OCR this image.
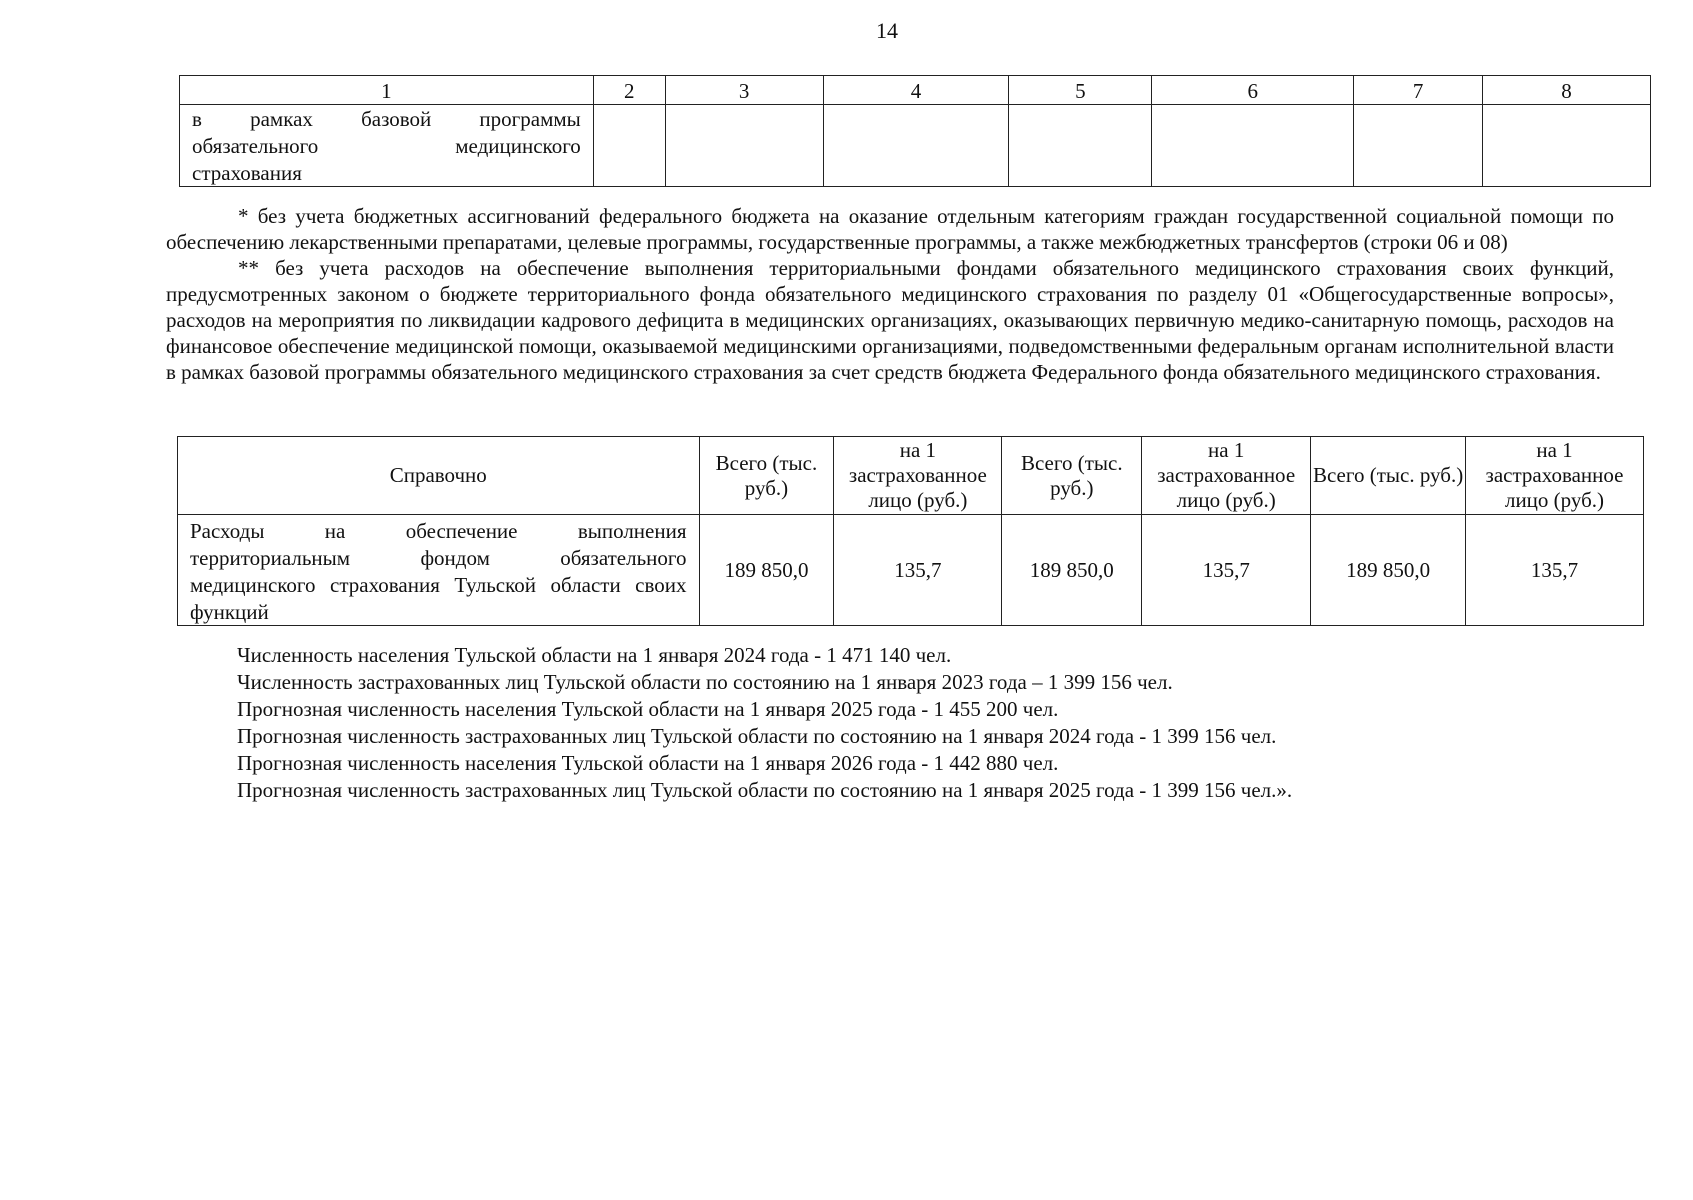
14
1	2	3	4	5	6	7	8

в рамках базовой программы
обязательного медицинского
страхования							

* без учета бюджетных ассигнований федерального бюджета на оказание отдельным категориям граждан государственной социальной помощи по обеспечению лекарственными препаратами, целевые программы, государственные программы, а также межбюджетных трансфертов (строки 06 и 08)

** без учета расходов на обеспечение выполнения территориальными фондами обязательного медицинского страхования своих функций, предусмотренных законом о бюджете территориального фонда обязательного медицинского страхования по разделу 01 «Общегосударственные вопросы», расходов на мероприятия по ликвидации кадрового дефицита в медицинских организациях, оказывающих первичную медико-санитарную помощь, расходов на финансовое обеспечение медицинской помощи, оказываемой медицинскими организациями, подведомственными федеральным органам исполнительной власти в рамках базовой программы обязательного медицинского страхования за счет средств бюджета Федерального фонда обязательного медицинского страхования.

Справочно	Всего (тыс. руб.)	на 1 застрахованное лицо (руб.)	Всего (тыс. руб.)	на 1 застрахованное лицо (руб.)	Всего (тыс. руб.)	на 1 застрахованное лицо (руб.)

Расходы на обеспечение выполнения
территориальным фондом обязательного
медицинского страхования Тульской области своих
функций	189 850,0	135,7	189 850,0	135,7	189 850,0	135,7
Численность населения Тульской области на 1 января 2024 года - 1 471 140 чел.
Численность застрахованных лиц Тульской области по состоянию на 1 января 2023 года – 1 399 156 чел.
Прогнозная численность населения Тульской области на 1 января 2025 года - 1 455 200 чел.
Прогнозная численность застрахованных лиц Тульской области по состоянию на 1 января 2024 года - 1 399 156 чел.
Прогнозная численность населения Тульской области на 1 января 2026 года - 1 442 880 чел.
Прогнозная численность застрахованных лиц Тульской области по состоянию на 1 января 2025 года - 1 399 156 чел.».
